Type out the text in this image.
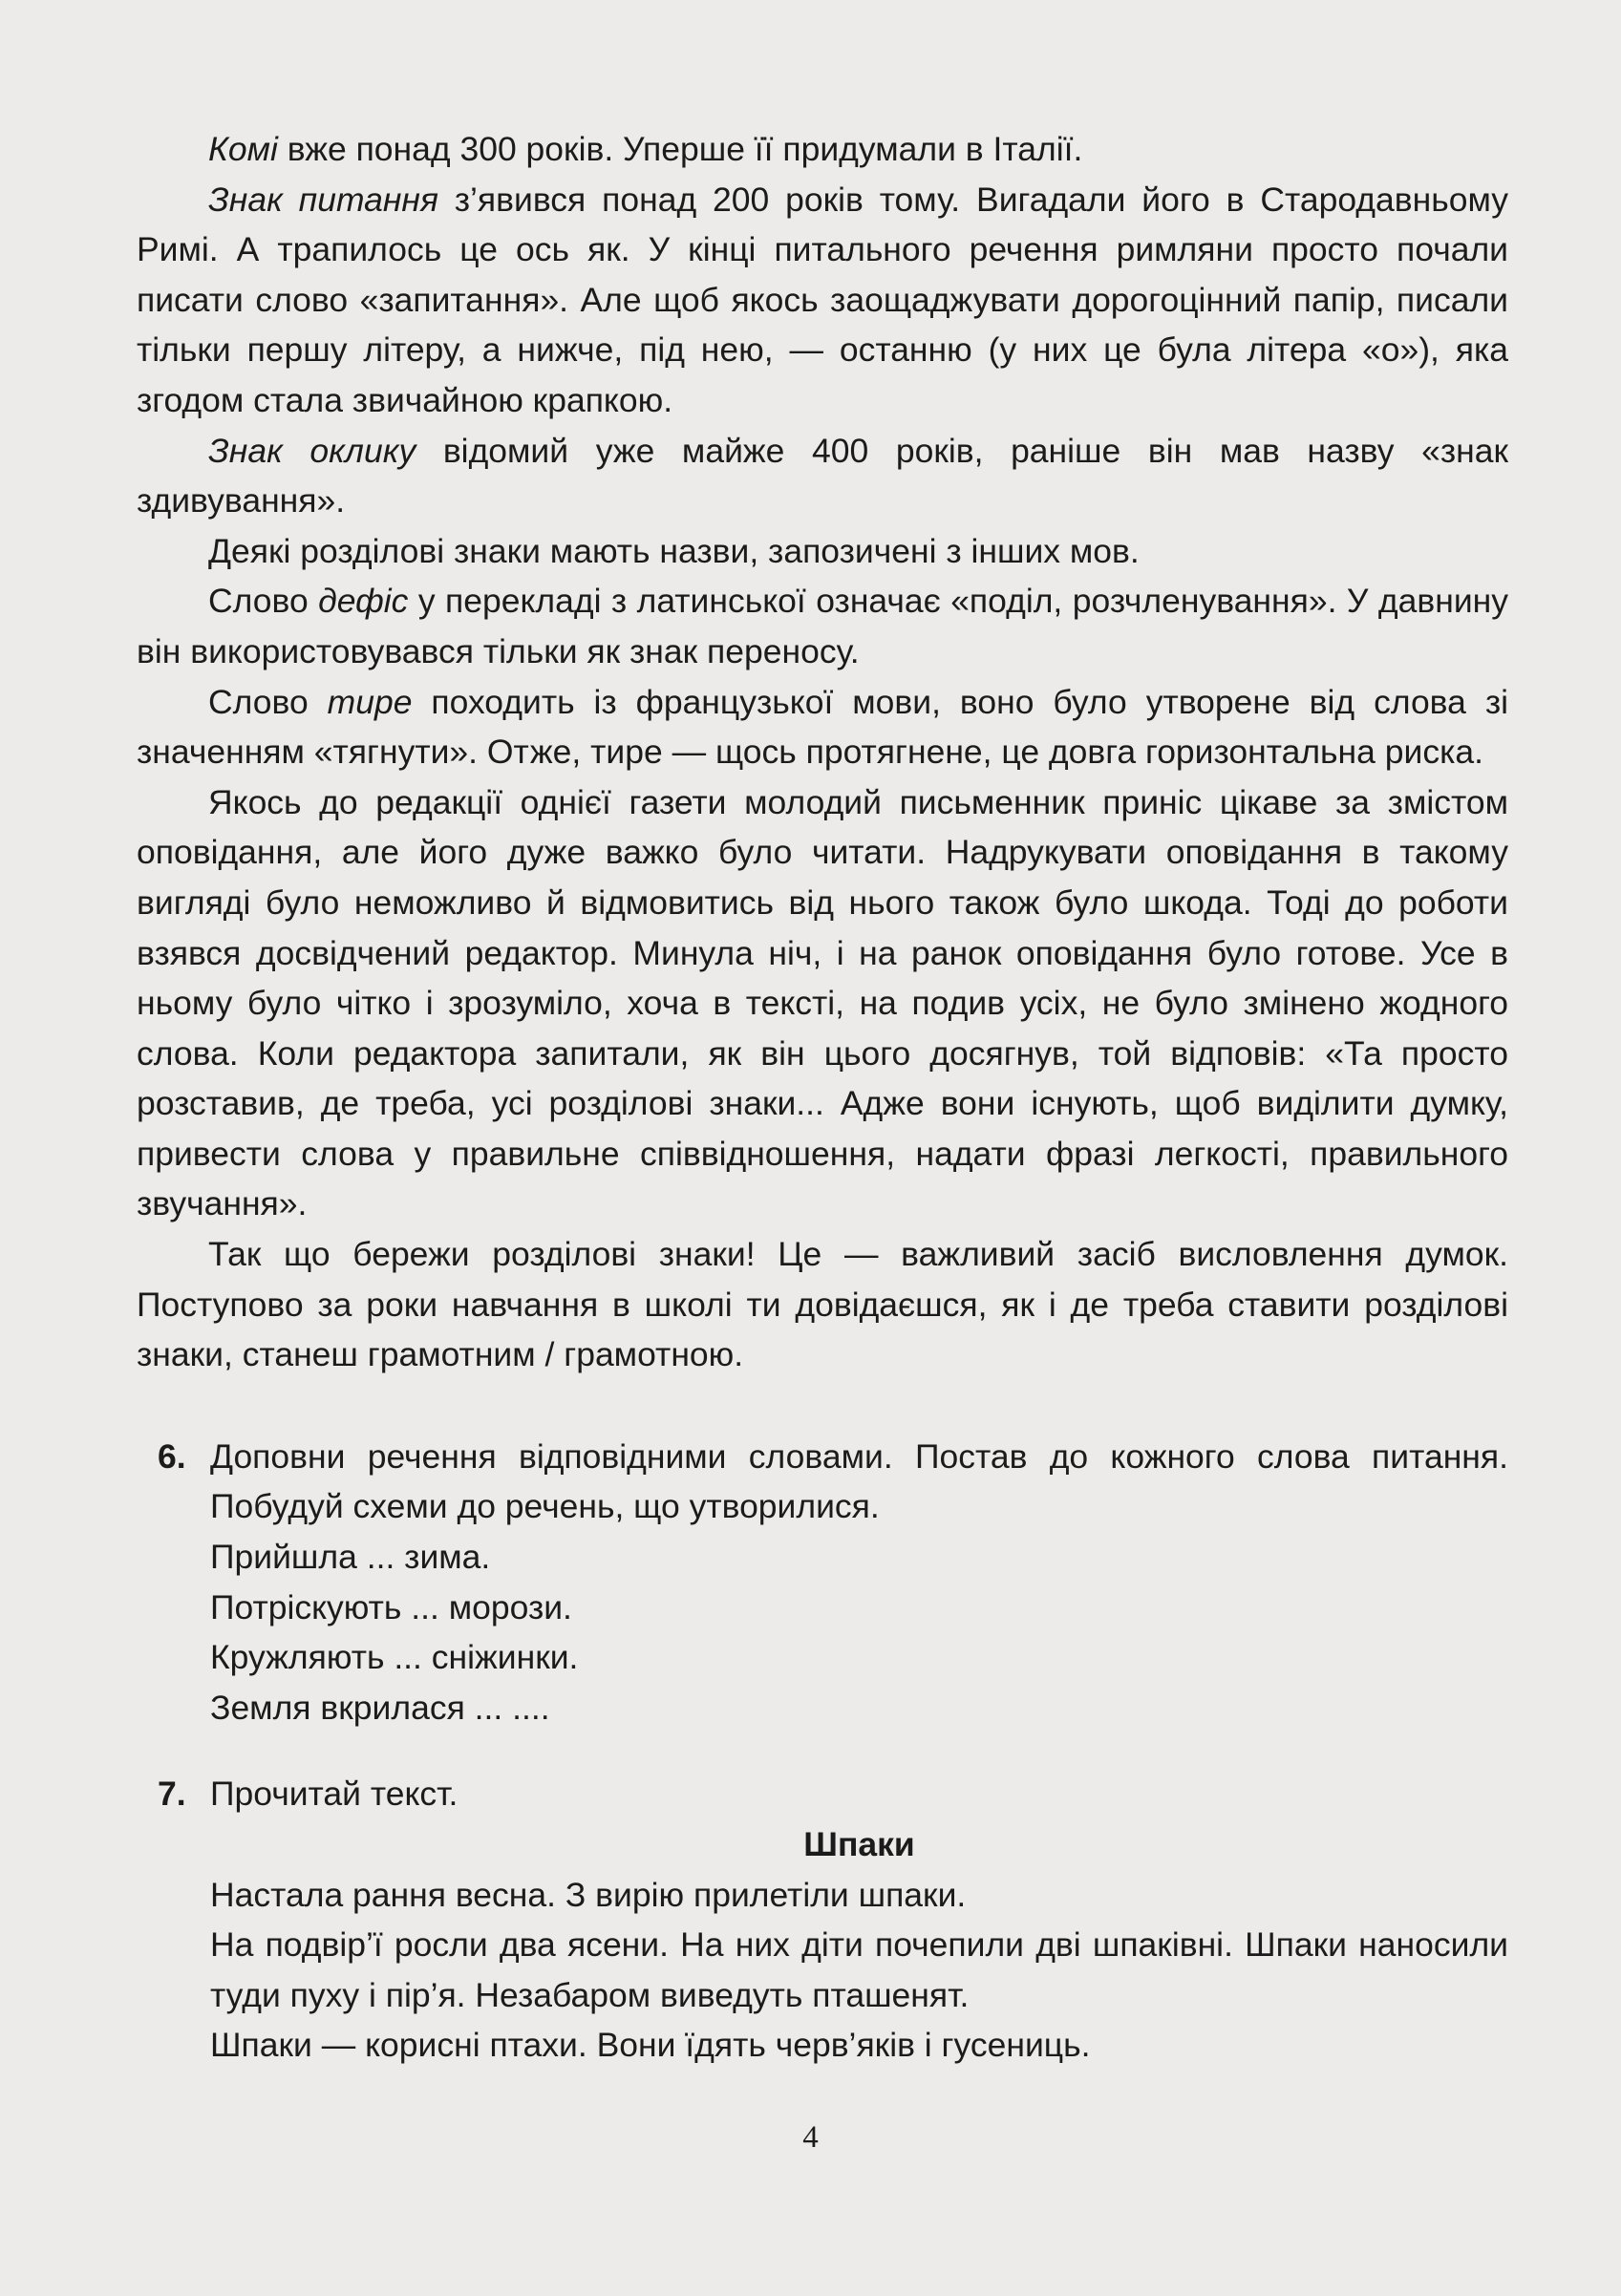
Комі вже понад 300 років. Уперше її придумали в Італії.

Знак питання з’явився понад 200 років тому. Вигадали його в Стародавньому Римі. А трапилось це ось як. У кінці питального речення римляни просто почали писати слово «запитання». Але щоб якось заощаджувати дорогоцінний папір, писали тільки першу літеру, а нижче, під нею, — останню (у них це була літера «о»), яка згодом стала звичайною крапкою.

Знак оклику відомий уже майже 400 років, раніше він мав назву «знак здивування».

Деякі розділові знаки мають назви, запозичені з інших мов.

Слово дефіс у перекладі з латинської означає «поділ, розчленування». У давнину він використовувався тільки як знак переносу.

Слово тире походить із французької мови, воно було утворене від слова зі значенням «тягнути». Отже, тире — щось протягнене, це довга горизонтальна риска.

Якось до редакції однієї газети молодий письменник приніс цікаве за змістом оповідання, але його дуже важко було читати. Надрукувати оповідання в такому вигляді було неможливо й відмовитись від нього також було шкода. Тоді до роботи взявся досвідчений редактор. Минула ніч, і на ранок оповідання було готове. Усе в ньому було чітко і зрозуміло, хоча в тексті, на подив усіх, не було змінено жодного слова. Коли редактора запитали, як він цього досягнув, той відповів: «Та просто розставив, де треба, усі розділові знаки... Адже вони існують, щоб виділити думку, привести слова у правильне співвідношення, надати фразі легкості, правильного звучання».

Так що бережи розділові знаки! Це — важливий засіб висловлення думок. Поступово за роки навчання в школі ти довідаєшся, як і де треба ставити розділові знаки, станеш грамотним / грамотною.

6. Доповни речення відповідними словами. Постав до кожного слова питання. Побудуй схеми до речень, що утворилися.

Прийшла ... зима.

Потріскують ... морози.

Кружляють ... сніжинки.

Земля вкрилася ... ....

7. Прочитай текст.

Шпаки

Настала рання весна. З вирію прилетіли шпаки.

На подвір’ї росли два ясени. На них діти почепили дві шпаківні. Шпаки наносили туди пуху і пір’я. Незабаром виведуть пташенят.

Шпаки — корисні птахи. Вони їдять черв’яків і гусениць.

4
